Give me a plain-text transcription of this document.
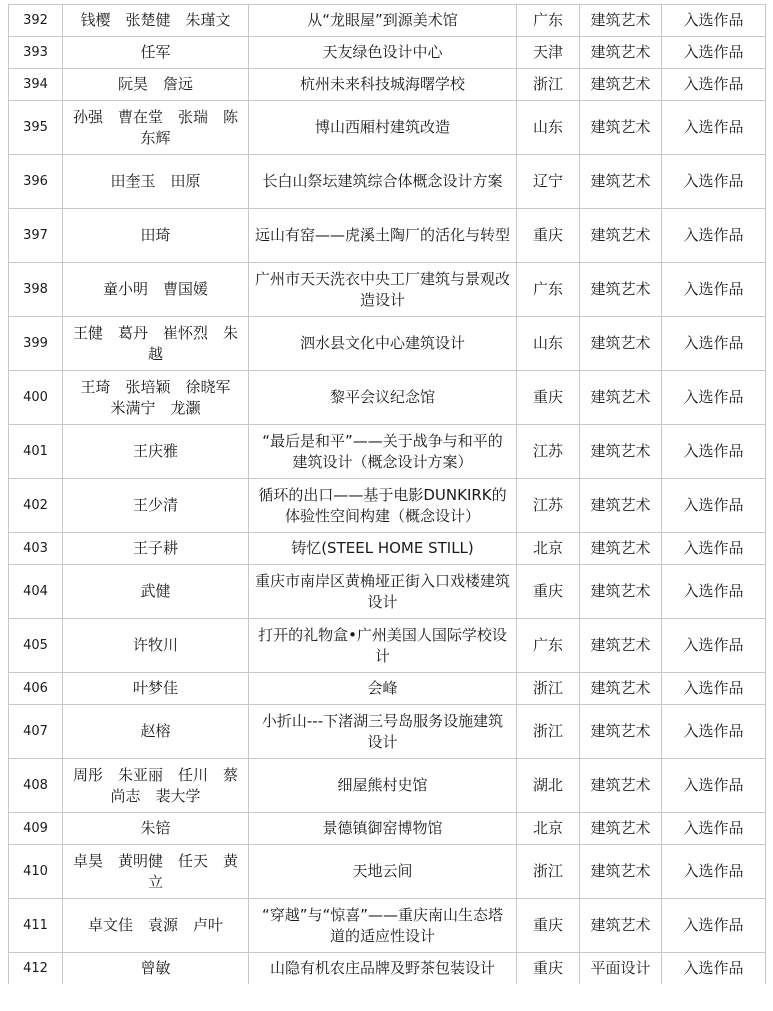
392	钱樱　张楚健　朱瑾文	从“龙眼屋”到源美术馆	广东	建筑艺术	入选作品
393	任军	天友绿色设计中心	天津	建筑艺术	入选作品
394	阮昊　詹远	杭州未来科技城海曙学校	浙江	建筑艺术	入选作品
395	孙强　曹在堂　张瑞　陈东辉	博山西厢村建筑改造	山东	建筑艺术	入选作品
396	田奎玉　田原	长白山祭坛建筑综合体概念设计方案	辽宁	建筑艺术	入选作品
397	田琦	远山有窑——虎溪土陶厂的活化与转型	重庆	建筑艺术	入选作品
398	童小明　曹国媛	广州市天天洗衣中央工厂建筑与景观改造设计	广东	建筑艺术	入选作品
399	王健　葛丹　崔怀烈　朱越	泗水县文化中心建筑设计	山东	建筑艺术	入选作品
400	王琦　张培颖　徐晓军　米满宁　龙灏	黎平会议纪念馆	重庆	建筑艺术	入选作品
401	王庆雅	“最后是和平”——关于战争与和平的建筑设计（概念设计方案）	江苏	建筑艺术	入选作品
402	王少清	循环的出口——基于电影DUNKIRK的体验性空间构建（概念设计）	江苏	建筑艺术	入选作品
403	王子耕	铸忆(STEEL HOME STILL)	北京	建筑艺术	入选作品
404	武健	重庆市南岸区黄桷垭正街入口戏楼建筑设计	重庆	建筑艺术	入选作品
405	许牧川	打开的礼物盒•广州美国人国际学校设计	广东	建筑艺术	入选作品
406	叶梦佳	会峰	浙江	建筑艺术	入选作品
407	赵榕	小折山---下渚湖三号岛服务设施建筑设计	浙江	建筑艺术	入选作品
408	周彤　朱亚丽　任川　蔡尚志　裴大学	细屋熊村史馆	湖北	建筑艺术	入选作品
409	朱锫	景德镇御窑博物馆	北京	建筑艺术	入选作品
410	卓昊　黄明健　任天　黄立	天地云间	浙江	建筑艺术	入选作品
411	卓文佳　袁源　卢叶	“穿越”与“惊喜”——重庆南山生态塔道的适应性设计	重庆	建筑艺术	入选作品
412	曾敏	山隐有机农庄品牌及野茶包装设计	重庆	平面设计	入选作品
